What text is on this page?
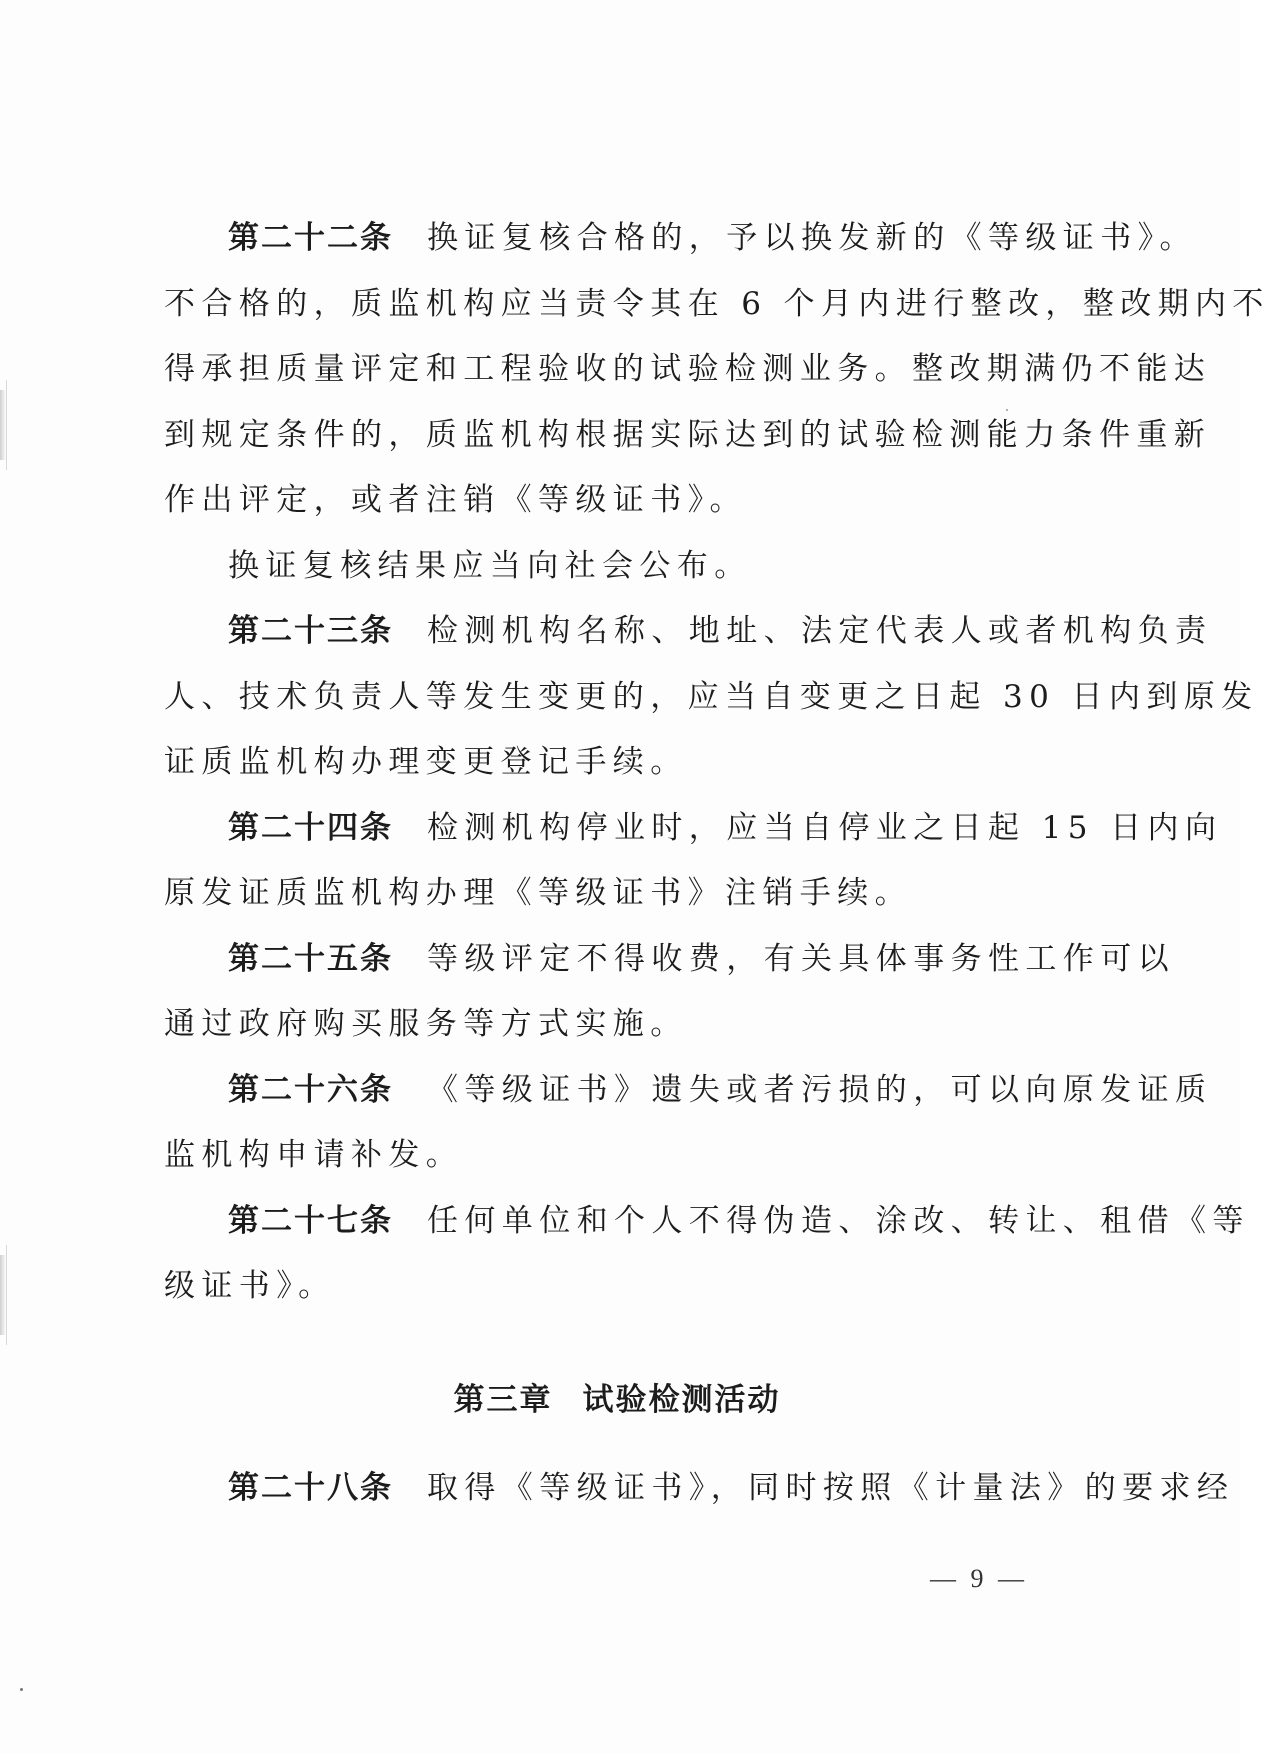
第二十二条 换证复核合格的，予以换发新的《等级证书》。
不合格的，质监机构应当责令其在 6 个月内进行整改，整改期内不
得承担质量评定和工程验收的试验检测业务。整改期满仍不能达
到规定条件的，质监机构根据实际达到的试验检测能力条件重新
作出评定，或者注销《等级证书》。
换证复核结果应当向社会公布。
第二十三条 检测机构名称、地址、法定代表人或者机构负责
人、技术负责人等发生变更的，应当自变更之日起 30 日内到原发
证质监机构办理变更登记手续。
第二十四条 检测机构停业时，应当自停业之日起 15 日内向
原发证质监机构办理《等级证书》注销手续。
第二十五条 等级评定不得收费，有关具体事务性工作可以
通过政府购买服务等方式实施。
第二十六条 《等级证书》遗失或者污损的，可以向原发证质
监机构申请补发。
第二十七条 任何单位和个人不得伪造、涂改、转让、租借《等
级证书》。
第三章 试验检测活动
第二十八条 取得《等级证书》，同时按照《计量法》的要求经
— 9 —
